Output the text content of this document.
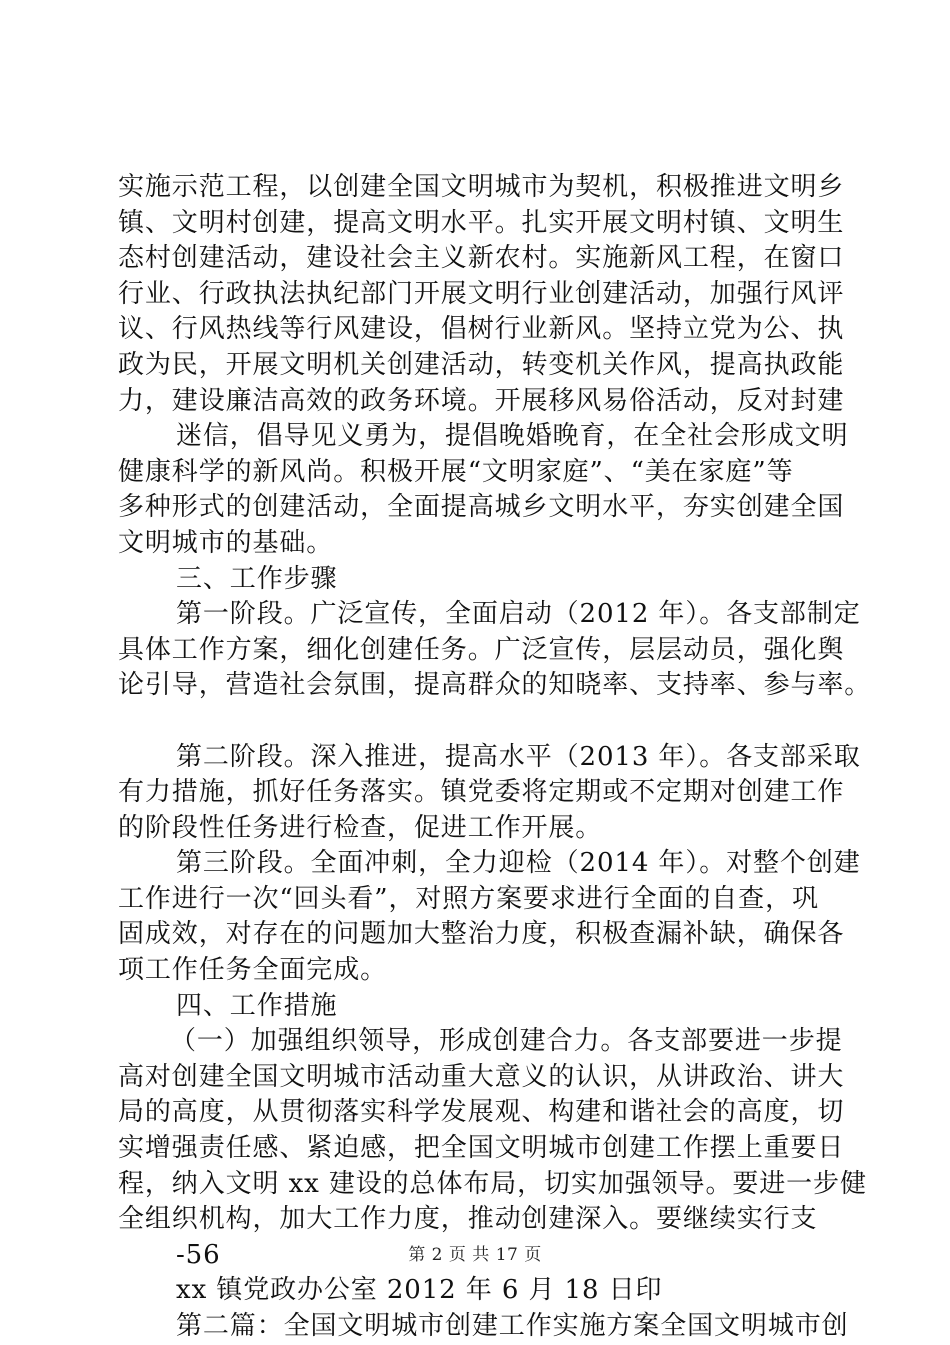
实施示范工程，以创建全国文明城市为契机，积极推进文明乡
镇、文明村创建，提高文明水平。扎实开展文明村镇、文明生
态村创建活动，建设社会主义新农村。实施新风工程，在窗口
行业、行政执法执纪部门开展文明行业创建活动，加强行风评
议、行风热线等行风建设，倡树行业新风。坚持立党为公、执
政为民，开展文明机关创建活动，转变机关作风，提高执政能
力，建设廉洁高效的政务环境。开展移风易俗活动，反对封建
迷信，倡导见义勇为，提倡晚婚晚育，在全社会形成文明
健康科学的新风尚。积极开展“文明家庭”、“美在家庭”等
多种形式的创建活动，全面提高城乡文明水平，夯实创建全国
文明城市的基础。
三、工作步骤
第一阶段。广泛宣传，全面启动（2012 年）。各支部制定
具体工作方案，细化创建任务。广泛宣传，层层动员，强化舆
论引导，营造社会氛围，提高群众的知晓率、支持率、参与率。
第二阶段。深入推进，提高水平（2013 年）。各支部采取
有力措施，抓好任务落实。镇党委将定期或不定期对创建工作
的阶段性任务进行检查，促进工作开展。
第三阶段。全面冲刺，全力迎检（2014 年）。对整个创建
工作进行一次“回头看”，对照方案要求进行全面的自查，巩
固成效，对存在的问题加大整治力度，积极查漏补缺，确保各
项工作任务全面完成。
四、工作措施
（一）加强组织领导，形成创建合力。各支部要进一步提
高对创建全国文明城市活动重大意义的认识，从讲政治、讲大
局的高度，从贯彻落实科学发展观、构建和谐社会的高度，切
实增强责任感、紧迫感，把全国文明城市创建工作摆上重要日
程，纳入文明 xx 建设的总体布局，切实加强领导。要进一步健
全组织机构，加大工作力度，推动创建深入。要继续实行支
-56
xx 镇党政办公室 2012 年 6 月 18 日印
第二篇：全国文明城市创建工作实施方案全国文明城市创
第 2 页 共 17 页
